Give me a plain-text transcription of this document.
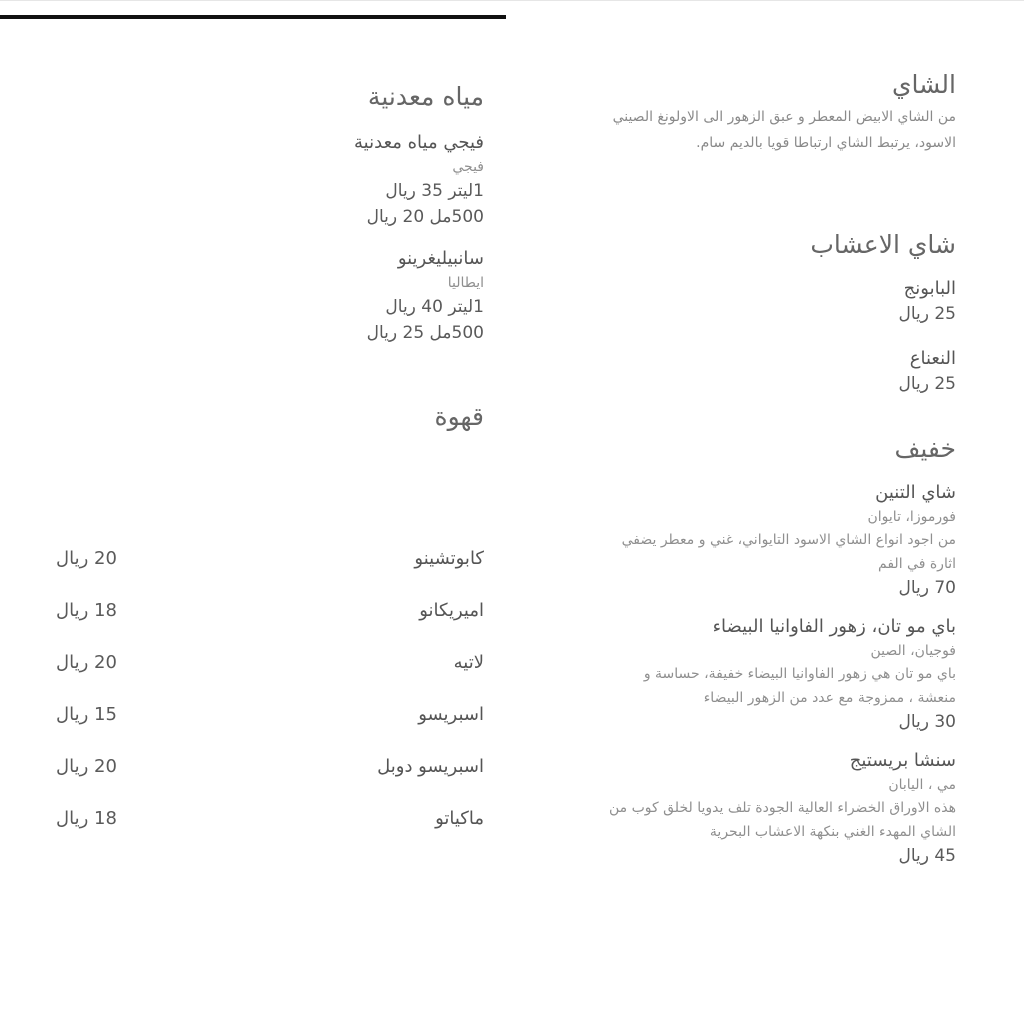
الشاي

من الشاي الابيض المعطر و عبق الزهور الى الاولونغ الصيني

الاسود، يرتبط الشاي ارتباطا قويا بالديم سام.

شاي الاعشاب

البابونج

25 ريال

النعناع

25 ريال

خفيف

شاي التنين

فورموزا، تايوان

من اجود انواع الشاي الاسود التايواني، غني و معطر يضفي

اثارة في الفم

70 ريال

باي مو تان، زهور الفاوانيا البيضاء

فوجيان، الصين

باي مو تان هي زهور الفاوانيا البيضاء خفيفة، حساسة و

منعشة ، ممزوجة مع عدد من الزهور البيضاء

30 ريال

سنشا بريستيج

مي ، اليابان

هذه الاوراق الخضراء العالية الجودة تلف يدويا لخلق كوب من

الشاي المهدء الغني بنكهة الاعشاب البحرية

45 ريال

مياه معدنية

فيجي مياه معدنية

فيجي

1ليتر 35 ريال

500مل 20 ريال

سانبيليغرينو

ايطاليا

1ليتر 40 ريال

500مل 25 ريال

قهوة
كابوتشينو
20 ريال
اميريكانو
18 ريال
لاتيه
20 ريال
اسبريسو
15 ريال
اسبريسو دوبل
20 ريال
ماكياتو
18 ريال
